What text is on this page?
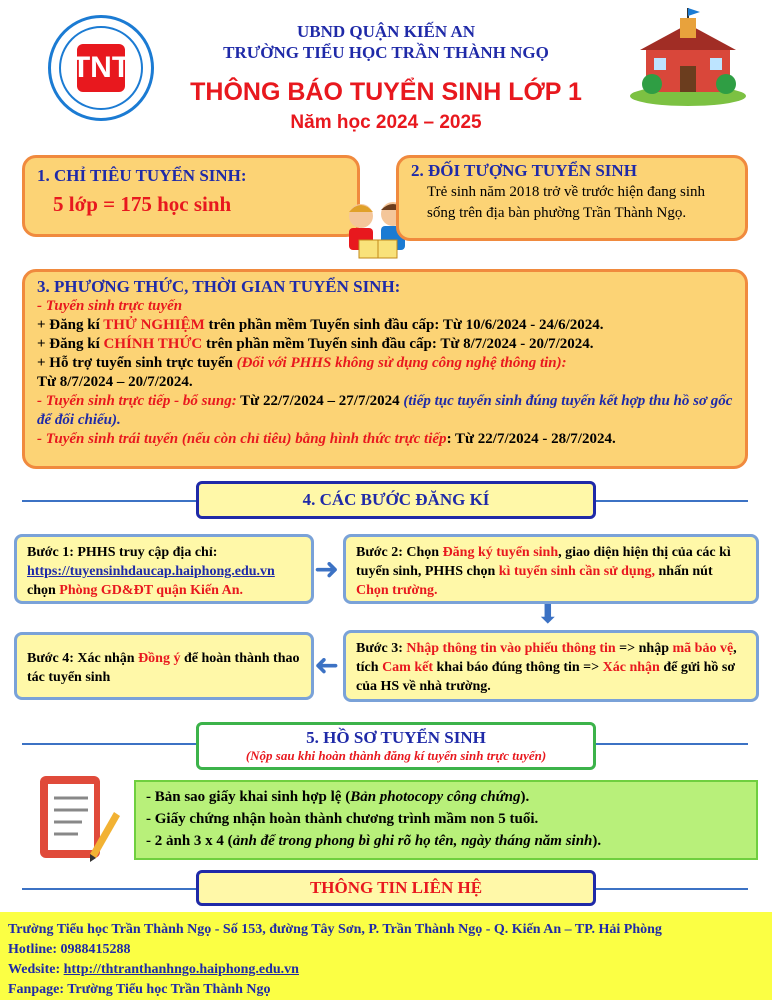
TNT
UBND QUẬN KIẾN AN
TRƯỜNG TIỂU HỌC TRẦN THÀNH NGỌ
THÔNG BÁO TUYỂN SINH LỚP 1
Năm học 2024 – 2025
1. CHỈ TIÊU TUYỂN SINH:
5 lớp = 175 học sinh
2. ĐỐI TƯỢNG TUYỂN SINH
Trẻ sinh năm 2018 trở về trước hiện đang sinh sống trên địa bàn phường Trần Thành Ngọ.
3. PHƯƠNG THỨC, THỜI GIAN TUYỂN SINH:
- Tuyển sinh trực tuyến
+ Đăng kí THỬ NGHIỆM trên phần mềm Tuyển sinh đầu cấp: Từ 10/6/2024 - 24/6/2024.
+ Đăng kí CHÍNH THỨC trên phần mềm Tuyển sinh đầu cấp: Từ 8/7/2024 - 20/7/2024.
+ Hỗ trợ tuyển sinh trực tuyến (Đối với PHHS không sử dụng công nghệ thông tin):
Từ 8/7/2024 – 20/7/2024.
- Tuyển sinh trực tiếp - bổ sung: Từ 22/7/2024 – 27/7/2024 (tiếp tục tuyển sinh đúng tuyến kết hợp thu hồ sơ gốc để đối chiếu).
- Tuyển sinh trái tuyến (nếu còn chỉ tiêu) bằng hình thức trực tiếp: Từ 22/7/2024 - 28/7/2024.
4. CÁC BƯỚC ĐĂNG KÍ
Bước 1: PHHS truy cập địa chỉ:
https://tuyensinhdaucap.haiphong.edu.vn
chọn Phòng GD&ĐT quận Kiến An.
➜ Bước 2: Chọn Đăng ký tuyển sinh, giao diện hiện thị của các kì tuyển sinh, PHHS chọn kì tuyển sinh cần sử dụng, nhấn nút Chọn trường.
⬇
Bước 3: Nhập thông tin vào phiếu thông tin => nhập mã bảo vệ, tích Cam kết khai báo đúng thông tin => Xác nhận để gửi hồ sơ của HS về nhà trường.
➜
Bước 4: Xác nhận Đồng ý để hoàn thành thao tác tuyển sinh
5. HỒ SƠ TUYỂN SINH
(Nộp sau khi hoàn thành đăng kí tuyển sinh trực tuyến)
- Bản sao giấy khai sinh hợp lệ (Bản photocopy công chứng).
- Giấy chứng nhận hoàn thành chương trình mầm non 5 tuổi.
- 2 ảnh 3 x 4 (ảnh để trong phong bì ghi rõ họ tên, ngày tháng năm sinh).
THÔNG TIN LIÊN HỆ
Trường Tiểu học Trần Thành Ngọ - Số 153, đường Tây Sơn, P. Trần Thành Ngọ - Q. Kiến An – TP. Hải Phòng
Hotline: 0988415288
Wedsite: http://thtranthanhngo.haiphong.edu.vn
Fanpage: Trường Tiểu học Trần Thành Ngọ
